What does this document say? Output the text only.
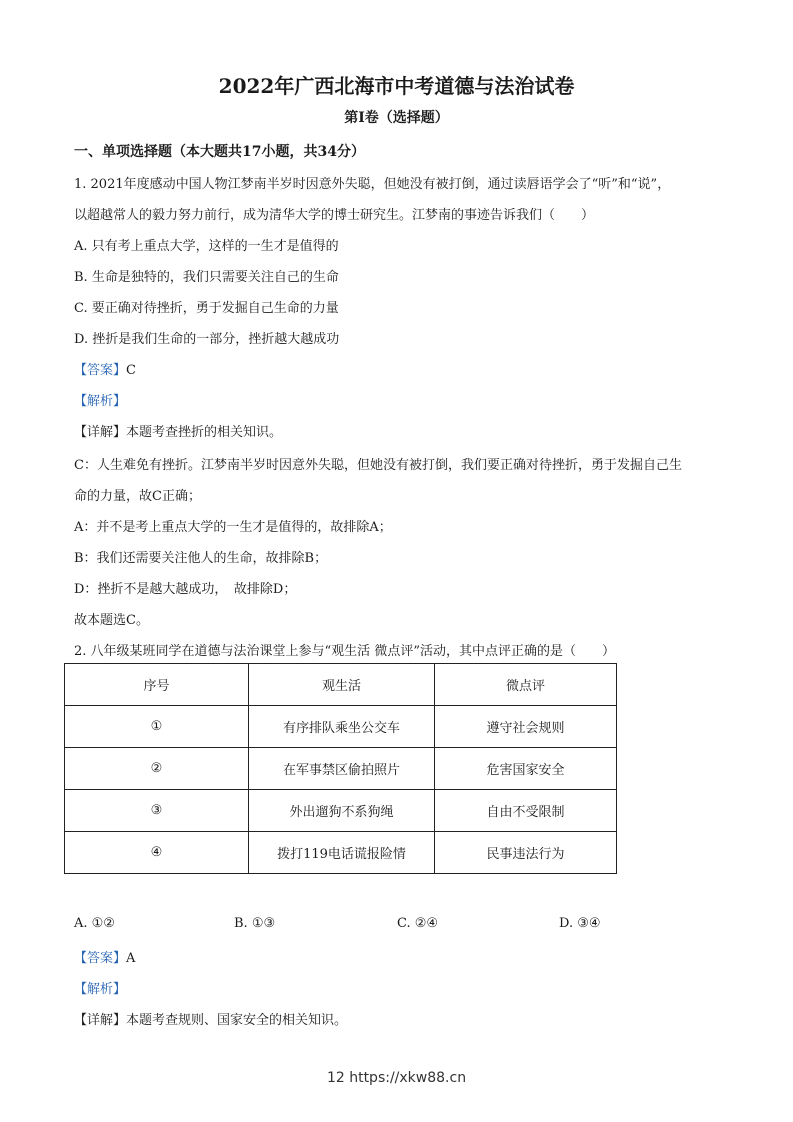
2022年广西北海市中考道德与法治试卷
第I卷（选择题）
一、单项选择题（本大题共17小题，共34分）
1. 2021年度感动中国人物江梦南半岁时因意外失聪，但她没有被打倒，通过读唇语学会了“听”和“说”，
以超越常人的毅力努力前行，成为清华大学的博士研究生。江梦南的事迹告诉我们（　　）
A. 只有考上重点大学，这样的一生才是值得的
B. 生命是独特的，我们只需要关注自己的生命
C. 要正确对待挫折，勇于发掘自己生命的力量
D. 挫折是我们生命的一部分，挫折越大越成功
【答案】C
【解析】
【详解】本题考查挫折的相关知识。
C：人生难免有挫折。江梦南半岁时因意外失聪，但她没有被打倒，我们要正确对待挫折，勇于发掘自己生
命的力量，故C正确；
A：并不是考上重点大学的一生才是值得的，故排除A；
B：我们还需要关注他人的生命，故排除B；
D：挫折不是越大越成功，　故排除D；
故本题选C。
2. 八年级某班同学在道德与法治课堂上参与“观生活 微点评”活动，其中点评正确的是（　　）
序号	观生活	微点评
①	有序排队乘坐公交车	遵守社会规则
②	在军事禁区偷拍照片	危害国家安全
③	外出遛狗不系狗绳	自由不受限制
④	拨打119电话谎报险情	民事违法行为
A. ①②	B. ①③	C. ②④	D. ③④
【答案】A
【解析】
【详解】本题考查规则、国家安全的相关知识。
12 https://xkw88.cn
